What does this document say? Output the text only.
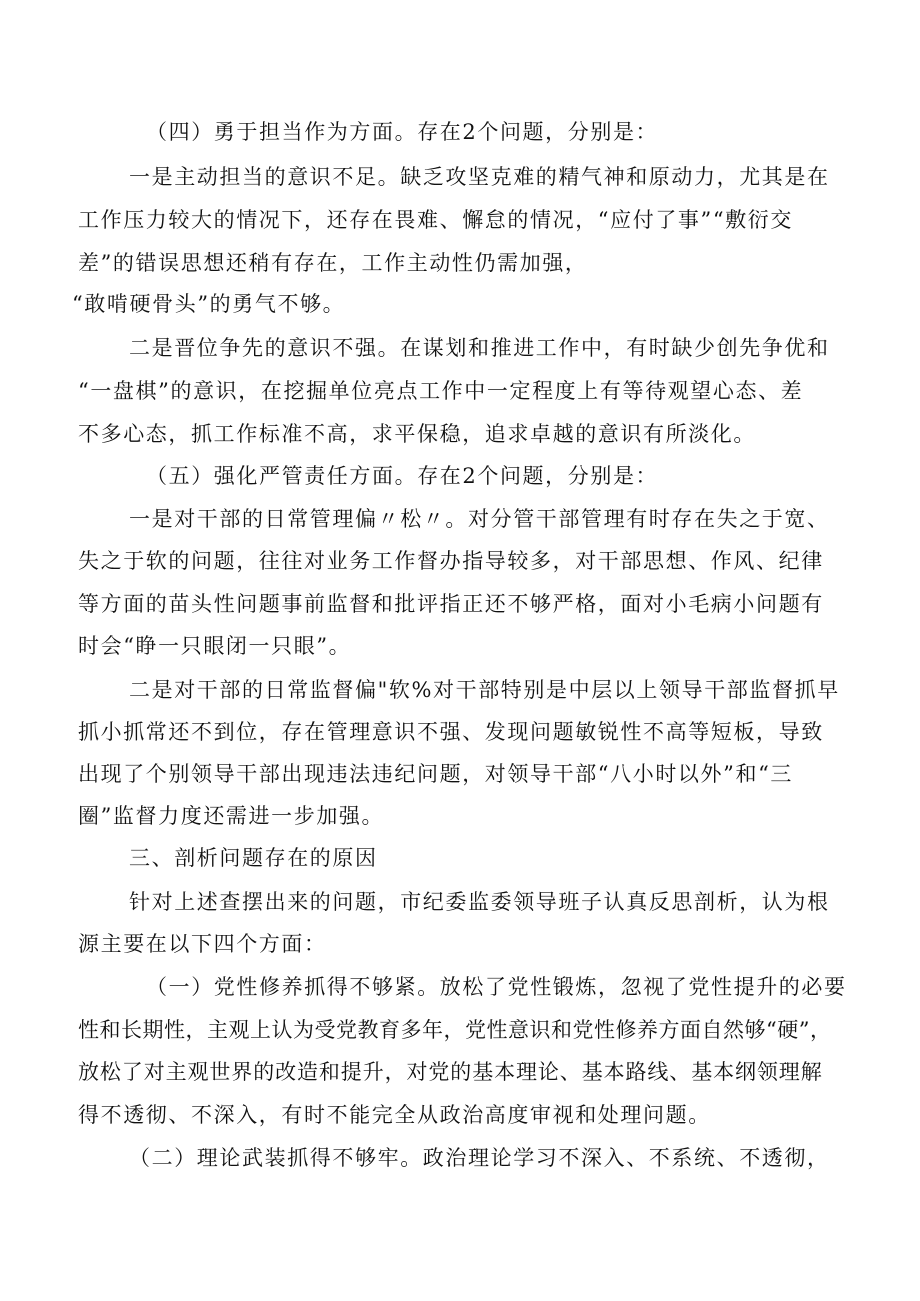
（四）勇于担当作为方面。存在2个问题，分别是：
一是主动担当的意识不足。缺乏攻坚克难的精气神和原动力，尤其是在
工作压力较大的情况下，还存在畏难、懈怠的情况，“应付了事”“敷衍交
差”的错误思想还稍有存在，工作主动性仍需加强，
“敢啃硬骨头”的勇气不够。
二是晋位争先的意识不强。在谋划和推进工作中，有时缺少创先争优和
“一盘棋”的意识，在挖掘单位亮点工作中一定程度上有等待观望心态、差
不多心态，抓工作标准不高，求平保稳，追求卓越的意识有所淡化。
（五）强化严管责任方面。存在2个问题，分别是：
一是对干部的日常管理偏〃松〃。对分管干部管理有时存在失之于宽、
失之于软的问题，往往对业务工作督办指导较多，对干部思想、作风、纪律
等方面的苗头性问题事前监督和批评指正还不够严格，面对小毛病小问题有
时会“睁一只眼闭一只眼”。
二是对干部的日常监督偏"软%对干部特别是中层以上领导干部监督抓早
抓小抓常还不到位，存在管理意识不强、发现问题敏锐性不高等短板，导致
出现了个别领导干部出现违法违纪问题，对领导干部“八小时以外”和“三
圈”监督力度还需进一步加强。
三、剖析问题存在的原因
针对上述查摆出来的问题，市纪委监委领导班子认真反思剖析，认为根
源主要在以下四个方面：
（一）党性修养抓得不够紧。放松了党性锻炼，忽视了党性提升的必要
性和长期性，主观上认为受党教育多年，党性意识和党性修养方面自然够“硬”，
放松了对主观世界的改造和提升，对党的基本理论、基本路线、基本纲领理解
得不透彻、不深入，有时不能完全从政治高度审视和处理问题。
（二）理论武装抓得不够牢。政治理论学习不深入、不系统、不透彻，
